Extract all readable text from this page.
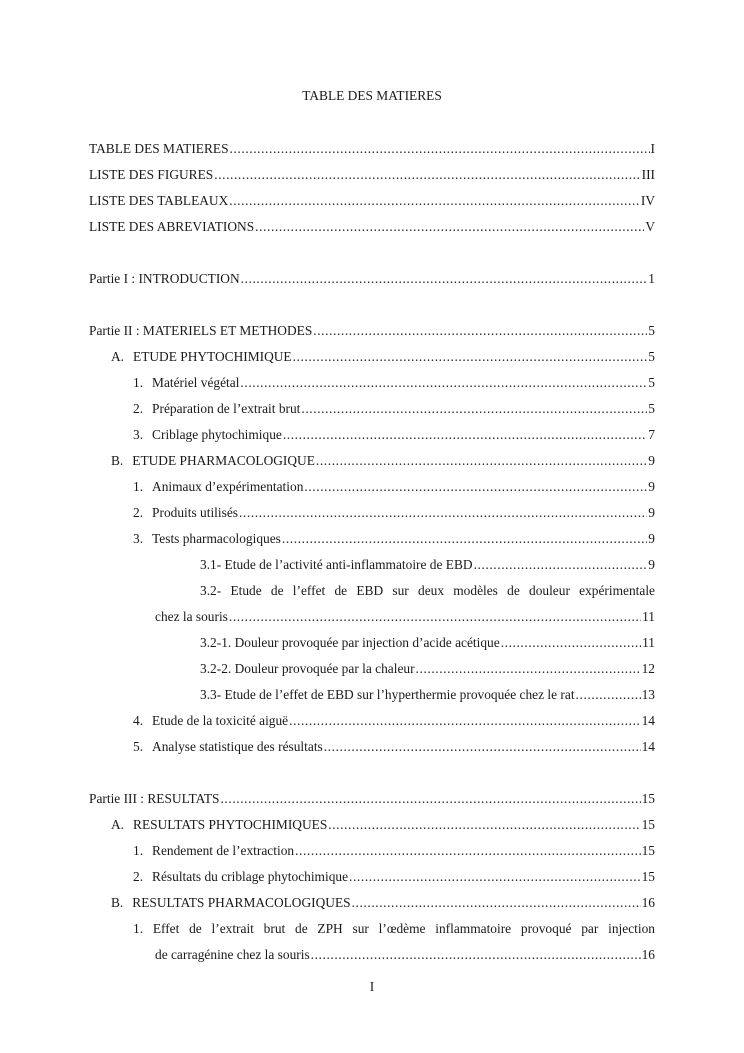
TABLE DES MATIERES
TABLE DES MATIERES .....	I
LISTE DES FIGURES .....	III
LISTE DES TABLEAUX .....	IV
LISTE DES ABREVIATIONS .....	V
Partie I : INTRODUCTION .....	1
Partie II : MATERIELS ET METHODES .....	5
A. ETUDE PHYTOCHIMIQUE .....	5
1. Matériel végétal .....	5
2. Préparation de l’extrait brut .....	5
3. Criblage phytochimique .....	7
B. ETUDE PHARMACOLOGIQUE .....	9
1. Animaux d’expérimentation .....	9
2. Produits utilisés .....	9
3. Tests pharmacologiques .....	9
3.1- Etude de l’activité anti-inflammatoire de EBD .....	9
3.2- Etude de l’effet de EBD sur deux modèles de douleur expérimentale
chez la souris .....	11
3.2-1. Douleur provoquée par injection d’acide acétique .....	11
3.2-2. Douleur provoquée par la chaleur .....	12
3.3- Etude de l’effet de EBD sur l’hyperthermie provoquée chez le rat .....	13
4. Etude de la toxicité aiguë .....	14
5. Analyse statistique des résultats .....	14
Partie III : RESULTATS .....	15
A. RESULTATS PHYTOCHIMIQUES .....	15
1. Rendement de l’extraction .....	15
2. Résultats du criblage phytochimique .....	15
B. RESULTATS PHARMACOLOGIQUES .....	16
1. Effet de l’extrait brut de ZPH sur l’œdème inflammatoire provoqué par injection
de carragénine chez la souris .....	16
I
